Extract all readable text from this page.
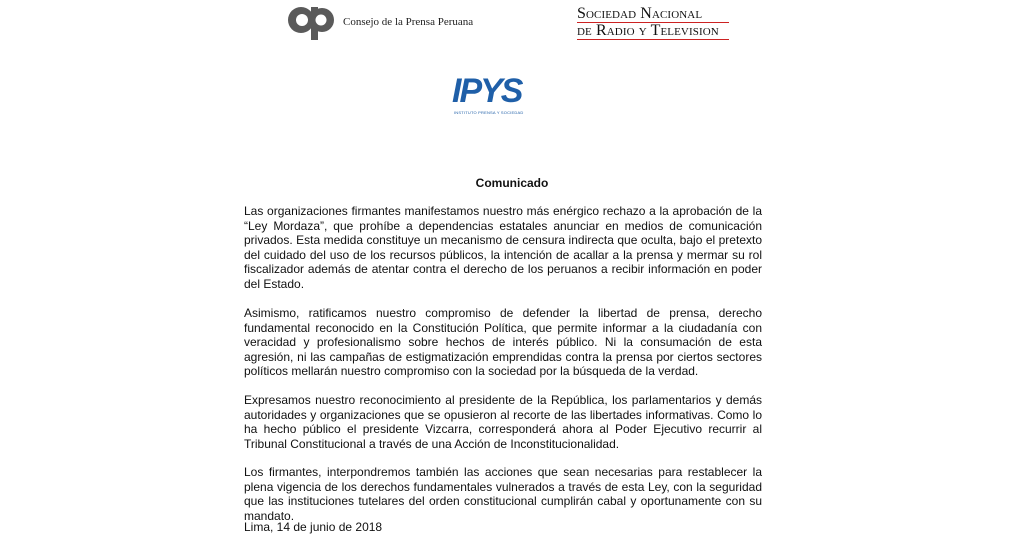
Consejo de la Prensa Peruana	Sociedad Nacional
de Radio y Television
IPYS
INSTITUTO PRENSA Y SOCIEDAD
Comunicado

Las organizaciones firmantes manifestamos nuestro más enérgico rechazo a la aprobación de la “Ley Mordaza”, que prohíbe a dependencias estatales anunciar en medios de comunicación privados. Esta medida constituye un mecanismo de censura indirecta que oculta, bajo el pretexto del cuidado del uso de los recursos públicos, la intención de acallar a la prensa y mermar su rol fiscalizador además de atentar contra el derecho de los peruanos a recibir información en poder del Estado.

Asimismo, ratificamos nuestro compromiso de defender la libertad de prensa, derecho fundamental reconocido en la Constitución Política, que permite informar a la ciudadanía con veracidad y profesionalismo sobre hechos de interés público. Ni la consumación de esta agresión, ni las campañas de estigmatización emprendidas contra la prensa por ciertos sectores políticos mellarán nuestro compromiso con la sociedad por la búsqueda de la verdad.

Expresamos nuestro reconocimiento al presidente de la República, los parlamentarios y demás autoridades y organizaciones que se opusieron al recorte de las libertades informativas. Como lo ha hecho público el presidente Vizcarra, corresponderá ahora al Poder Ejecutivo recurrir al Tribunal Constitucional a través de una Acción de Inconstitucionalidad.

Los firmantes, interpondremos también las acciones que sean necesarias para restablecer la plena vigencia de los derechos fundamentales vulnerados a través de esta Ley, con la seguridad que las instituciones tutelares del orden constitucional cumplirán cabal y oportunamente con su mandato.

Lima, 14 de junio de 2018
